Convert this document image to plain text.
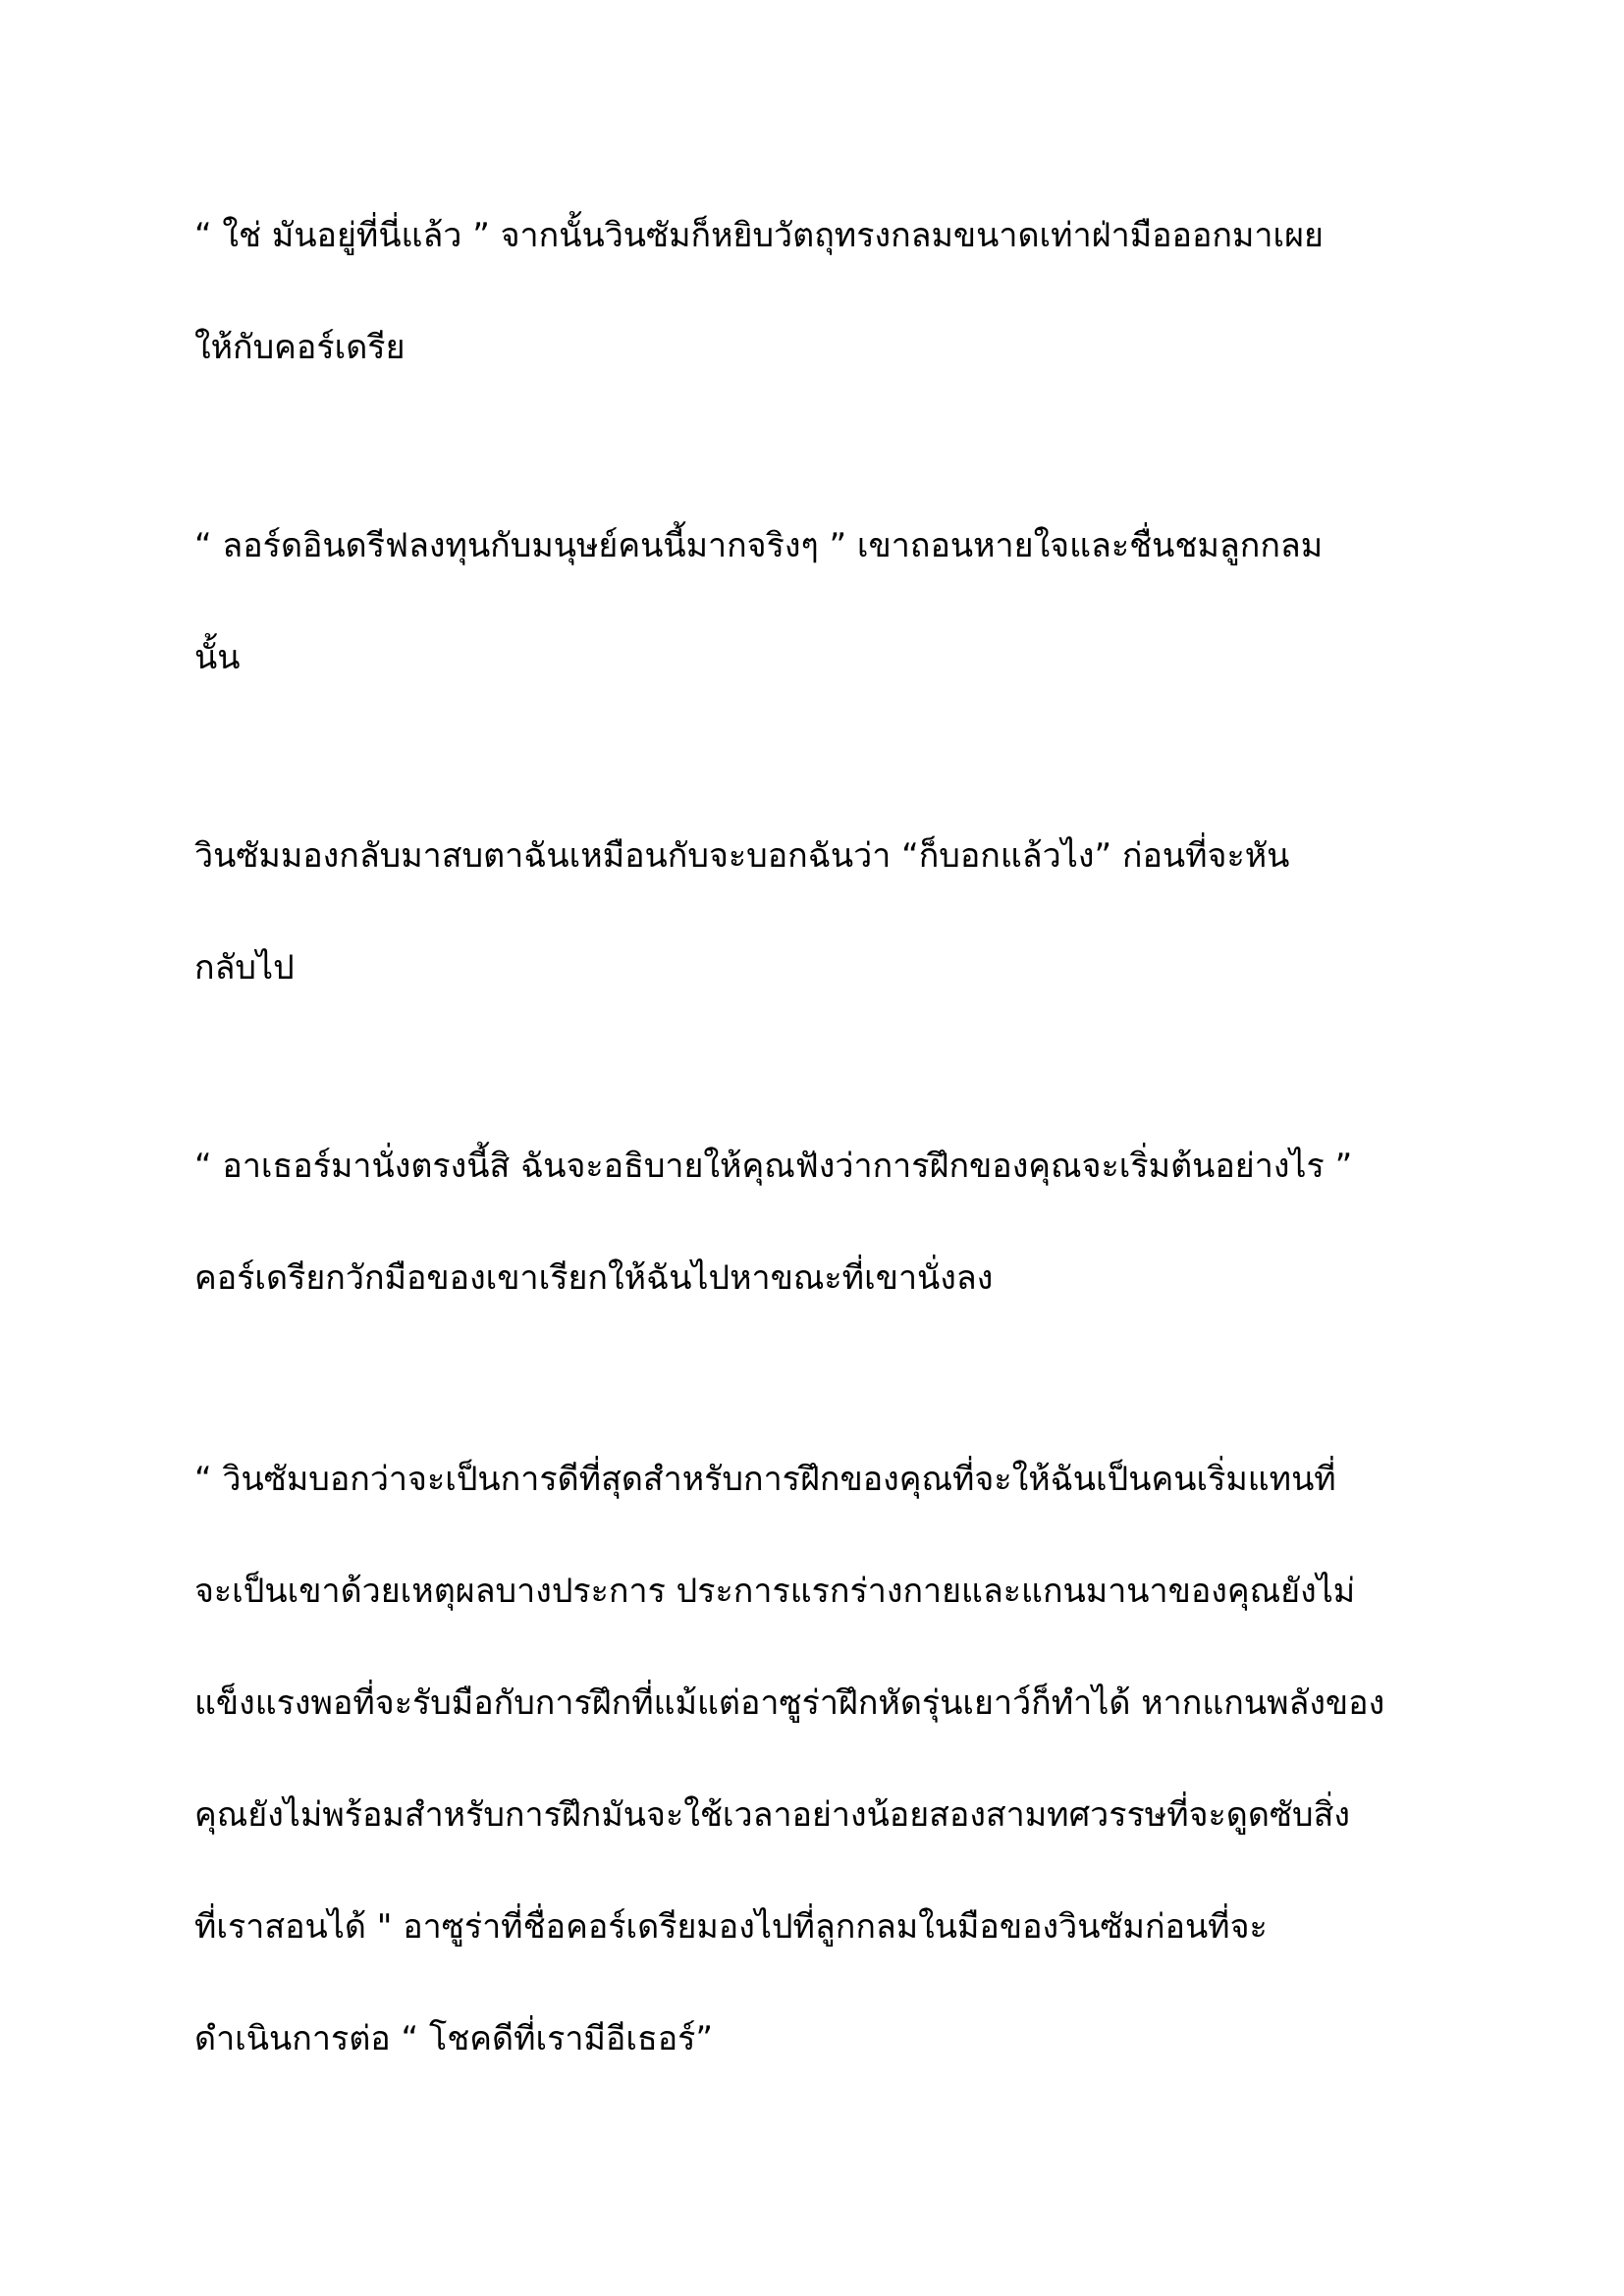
“ ใช่ มันอยู่ที่นี่แล้ว ” จากนั้นวินซัมก็หยิบวัตถุทรงกลมขนาดเท่าฝ่ามือออกมาเผย
ให้กับคอร์เดรีย

“ ลอร์ดอินดรีฟลงทุนกับมนุษย์คนนี้มากจริงๆ ” เขาถอนหายใจและชื่นชมลูกกลม
นั้น

วินซัมมองกลับมาสบตาฉันเหมือนกับจะบอกฉันว่า “ก็บอกแล้วไง” ก่อนที่จะหัน
กลับไป

“ อาเธอร์มานั่งตรงนี้สิ ฉันจะอธิบายให้คุณฟังว่าการฝึกของคุณจะเริ่มต้นอย่างไร ”
คอร์เดรียกวักมือของเขาเรียกให้ฉันไปหาขณะที่เขานั่งลง

“ วินซัมบอกว่าจะเป็นการดีที่สุดสำหรับการฝึกของคุณที่จะให้ฉันเป็นคนเริ่มแทนที่
จะเป็นเขาด้วยเหตุผลบางประการ ประการแรกร่างกายและแกนมานาของคุณยังไม่
แข็งแรงพอที่จะรับมือกับการฝึกที่แม้แต่อาซูร่าฝึกหัดรุ่นเยาว์ก็ทำได้ หากแกนพลังของ
คุณยังไม่พร้อมสำหรับการฝึกมันจะใช้เวลาอย่างน้อยสองสามทศวรรษที่จะดูดซับสิ่ง
ที่เราสอนได้ " อาซูร่าที่ชื่อคอร์เดรียมองไปที่ลูกกลมในมือของวินซัมก่อนที่จะ
ดำเนินการต่อ “ โชคดีที่เรามีอีเธอร์”
